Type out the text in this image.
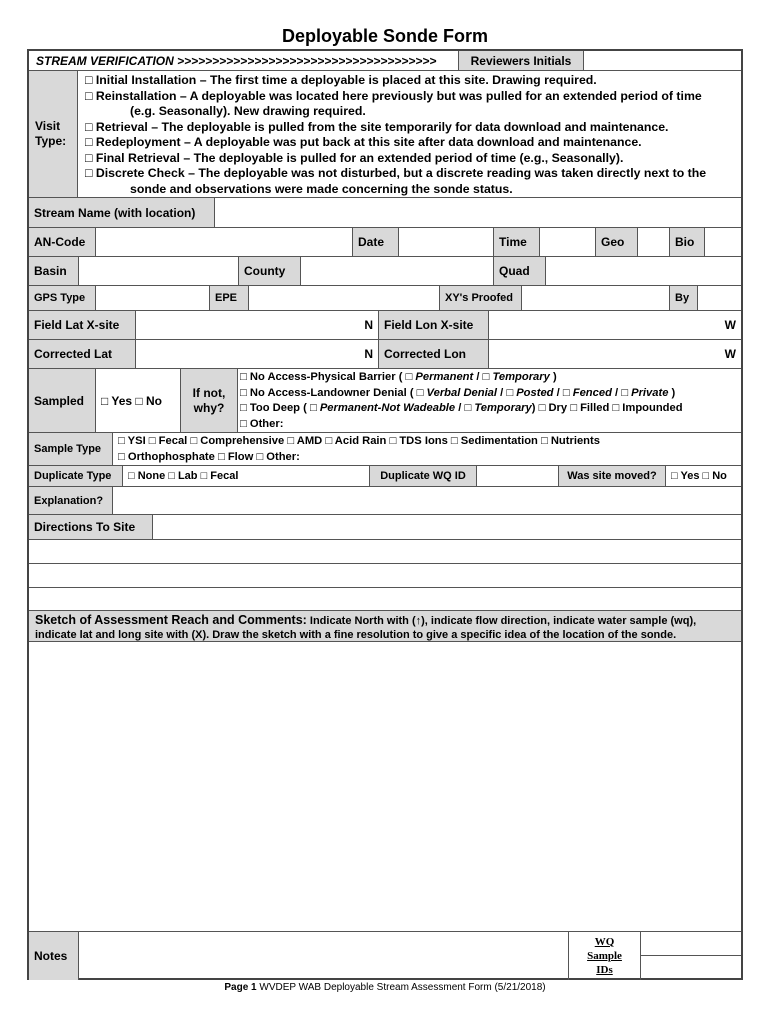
Deployable Sonde Form
STREAM VERIFICATION >>>>>>>>>>>>>>>>>>>>>>>>>>>>>>>>>>>>>	Reviewers Initials
Visit
Type:
□ Initial Installation – The first time a deployable is placed at this site. Drawing required.
□ Reinstallation – A deployable was located here previously but was pulled for an extended period of time
(e.g. Seasonally). New drawing required.
□ Retrieval – The deployable is pulled from the site temporarily for data download and maintenance.
□ Redeployment – A deployable was put back at this site after data download and maintenance.
□ Final Retrieval – The deployable is pulled for an extended period of time (e.g., Seasonally).
□ Discrete Check – The deployable was not disturbed, but a discrete reading was taken directly next to the
sonde and observations were made concerning the sonde status.
Stream Name (with location)
AN-Code	Date	Time	Geo	Bio
Basin	County	Quad
GPS Type	EPE	XY's Proofed	By
Field Lat X-site	N Field Lon X-site	W
Corrected Lat	N Corrected Lon	W
Sampled	□ Yes □ No
If not,
why?
□ No Access-Physical Barrier ( □ Permanent / □ Temporary )
□ No Access-Landowner Denial ( □ Verbal Denial / □ Posted / □ Fenced / □ Private )
□ Too Deep ( □ Permanent-Not Wadeable / □ Temporary) □ Dry □ Filled □ Impounded
□ Other:
Sample Type
□ YSI □ Fecal □ Comprehensive □ AMD □ Acid Rain □ TDS Ions □ Sedimentation □ Nutrients
□ Orthophosphate □ Flow □ Other:
Duplicate Type	□ None □ Lab □ Fecal	Duplicate WQ ID	Was site moved?	□ Yes □ No
Explanation?
Directions To Site
Sketch of Assessment Reach and Comments: Indicate North with (↑), indicate flow direction, indicate water sample (wq),
indicate lat and long site with (X). Draw the sketch with a fine resolution to give a specific idea of the location of the sonde.
Notes
WQ
Sample
IDs
Page 1 WVDEP WAB Deployable Stream Assessment Form (5/21/2018)
